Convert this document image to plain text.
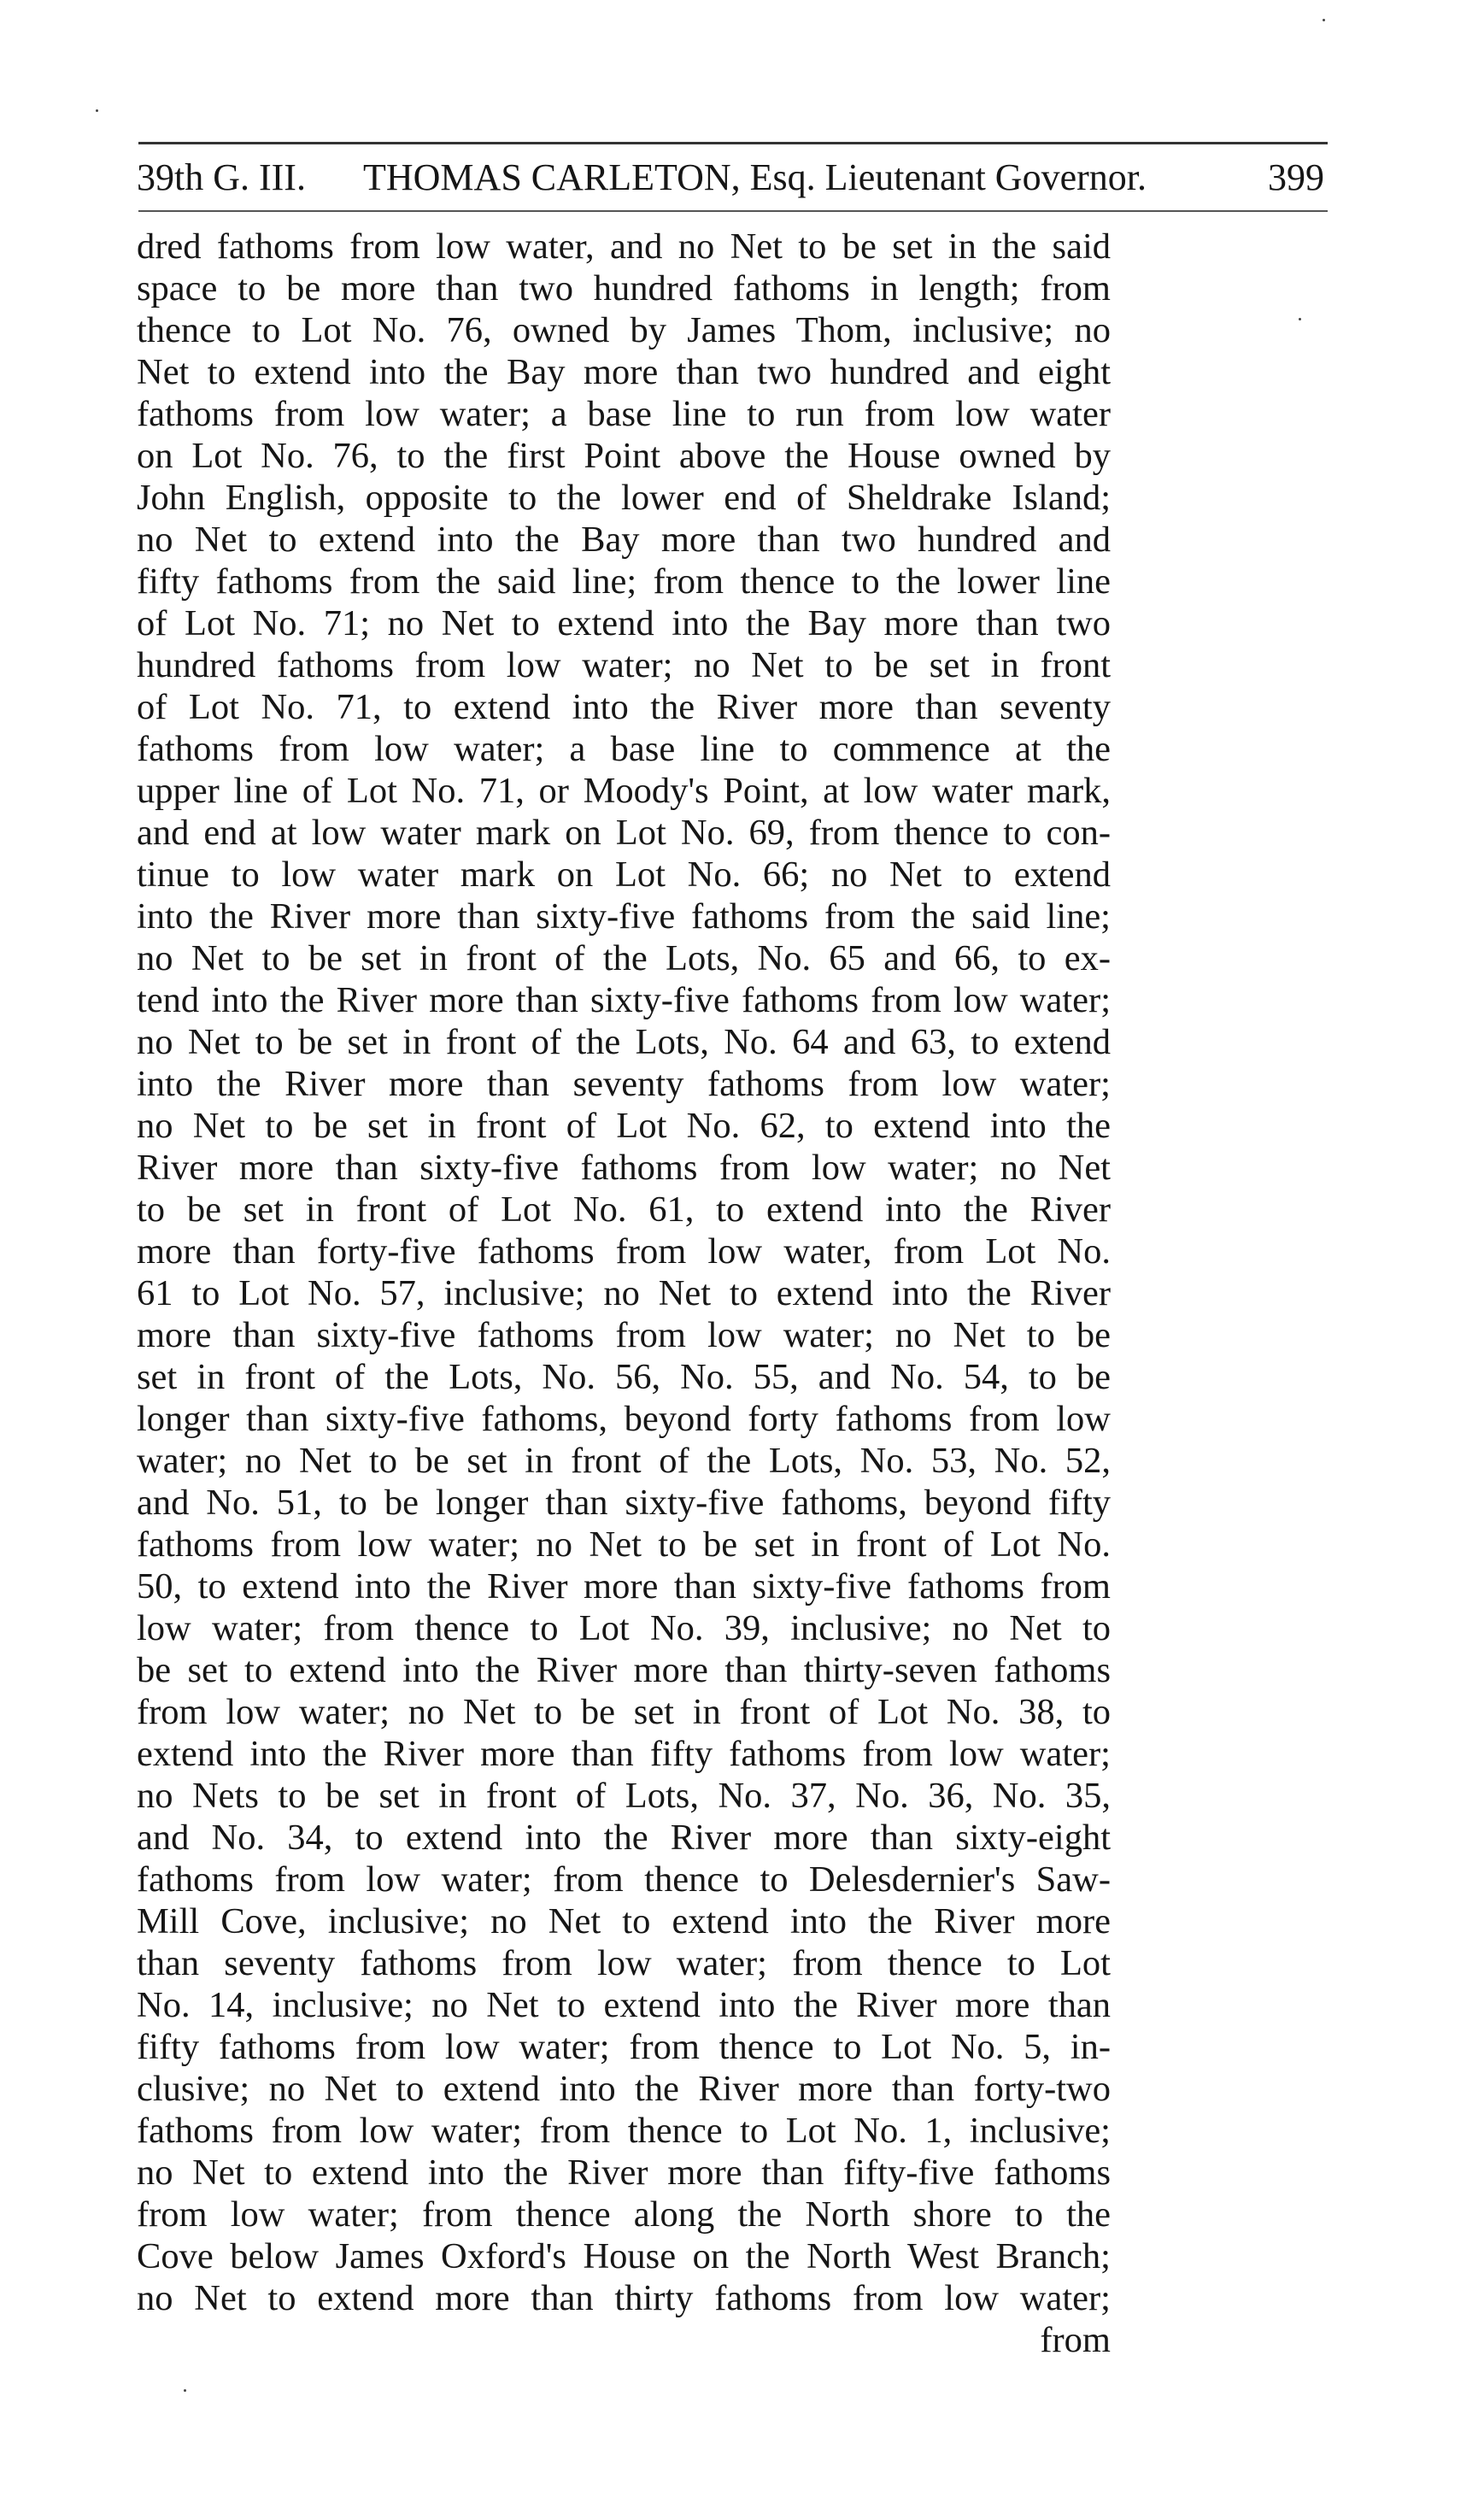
39th G. III. THOMAS CARLETON, Esq. Lieutenant Governor.	399
dred fathoms from low water, and no Net to be set in the said
space to be more than two hundred fathoms in length; from
thence to Lot No. 76, owned by James Thom, inclusive; no
Net to extend into the Bay more than two hundred and eight
fathoms from low water; a base line to run from low water
on Lot No. 76, to the first Point above the House owned by
John English, opposite to the lower end of Sheldrake Island;
no Net to extend into the Bay more than two hundred and
fifty fathoms from the said line; from thence to the lower line
of Lot No. 71; no Net to extend into the Bay more than two
hundred fathoms from low water; no Net to be set in front
of Lot No. 71, to extend into the River more than seventy
fathoms from low water; a base line to commence at the
upper line of Lot No. 71, or Moody's Point, at low water mark,
and end at low water mark on Lot No. 69, from thence to con-
tinue to low water mark on Lot No. 66; no Net to extend
into the River more than sixty-five fathoms from the said line;
no Net to be set in front of the Lots, No. 65 and 66, to ex-
tend into the River more than sixty-five fathoms from low water;
no Net to be set in front of the Lots, No. 64 and 63, to extend
into the River more than seventy fathoms from low water;
no Net to be set in front of Lot No. 62, to extend into the
River more than sixty-five fathoms from low water; no Net
to be set in front of Lot No. 61, to extend into the River
more than forty-five fathoms from low water, from Lot No.
61 to Lot No. 57, inclusive; no Net to extend into the River
more than sixty-five fathoms from low water; no Net to be
set in front of the Lots, No. 56, No. 55, and No. 54, to be
longer than sixty-five fathoms, beyond forty fathoms from low
water; no Net to be set in front of the Lots, No. 53, No. 52,
and No. 51, to be longer than sixty-five fathoms, beyond fifty
fathoms from low water; no Net to be set in front of Lot No.
50, to extend into the River more than sixty-five fathoms from
low water; from thence to Lot No. 39, inclusive; no Net to
be set to extend into the River more than thirty-seven fathoms
from low water; no Net to be set in front of Lot No. 38, to
extend into the River more than fifty fathoms from low water;
no Nets to be set in front of Lots, No. 37, No. 36, No. 35,
and No. 34, to extend into the River more than sixty-eight
fathoms from low water; from thence to Delesdernier's Saw-
Mill Cove, inclusive; no Net to extend into the River more
than seventy fathoms from low water; from thence to Lot
No. 14, inclusive; no Net to extend into the River more than
fifty fathoms from low water; from thence to Lot No. 5, in-
clusive; no Net to extend into the River more than forty-two
fathoms from low water; from thence to Lot No. 1, inclusive;
no Net to extend into the River more than fifty-five fathoms
from low water; from thence along the North shore to the
Cove below James Oxford's House on the North West Branch;
no Net to extend more than thirty fathoms from low water;
from
